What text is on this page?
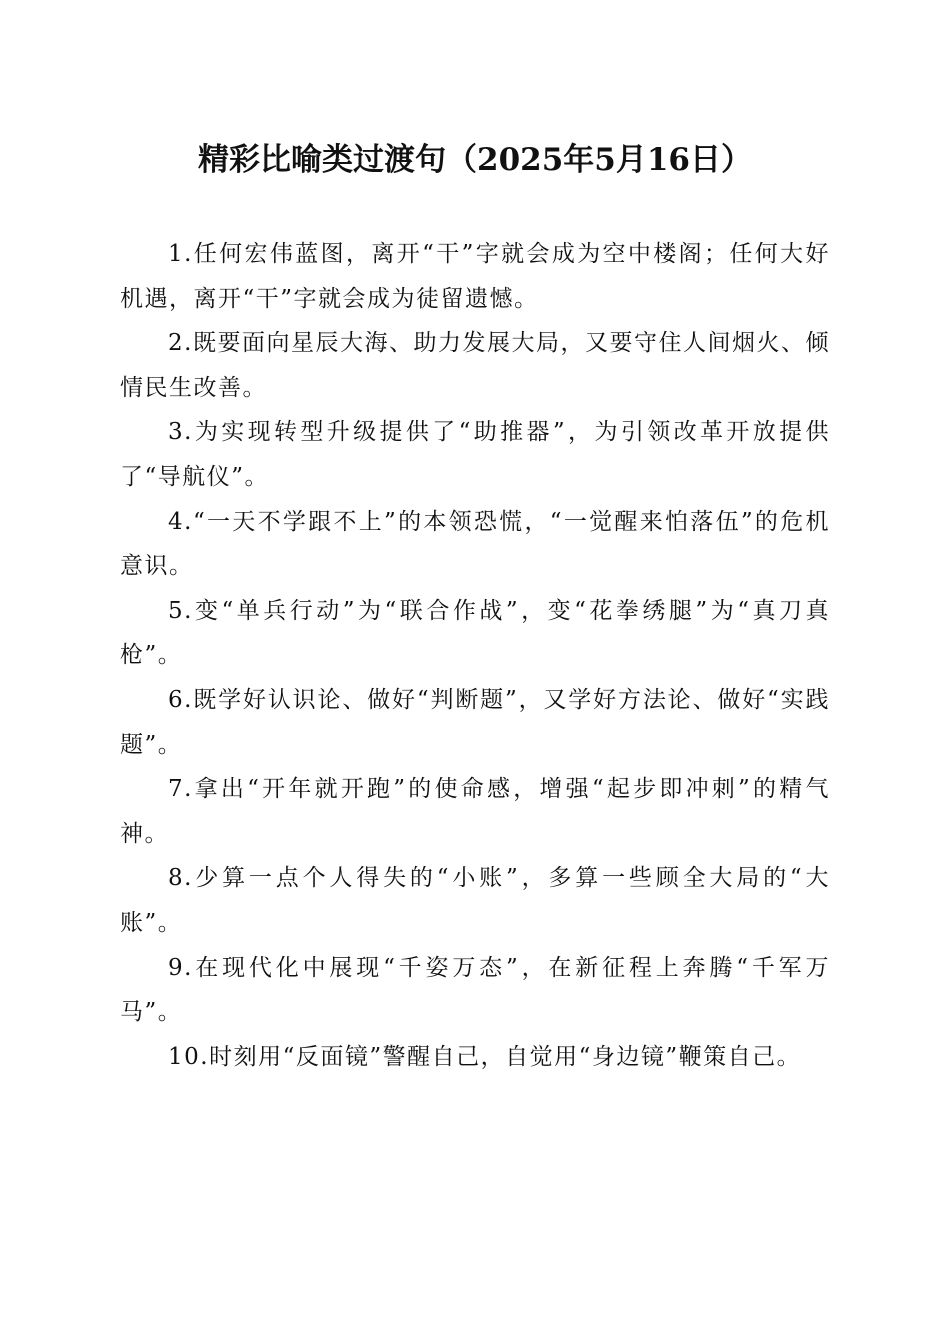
精彩比喻类过渡句（2025年5月16日）

1.任何宏伟蓝图，离开“干”字就会成为空中楼阁；任何大好机遇，离开“干”字就会成为徒留遗憾。

2.既要面向星辰大海、助力发展大局，又要守住人间烟火、倾情民生改善。

3.为实现转型升级提供了“助推器”，为引领改革开放提供了“导航仪”。

4.“一天不学跟不上”的本领恐慌，“一觉醒来怕落伍”的危机意识。

5.变“单兵行动”为“联合作战”，变“花拳绣腿”为“真刀真枪”。

6.既学好认识论、做好“判断题”，又学好方法论、做好“实践题”。

7.拿出“开年就开跑”的使命感，增强“起步即冲刺”的精气神。

8.少算一点个人得失的“小账”，多算一些顾全大局的“大账”。

9.在现代化中展现“千姿万态”，在新征程上奔腾“千军万马”。

10.时刻用“反面镜”警醒自己，自觉用“身边镜”鞭策自己。
